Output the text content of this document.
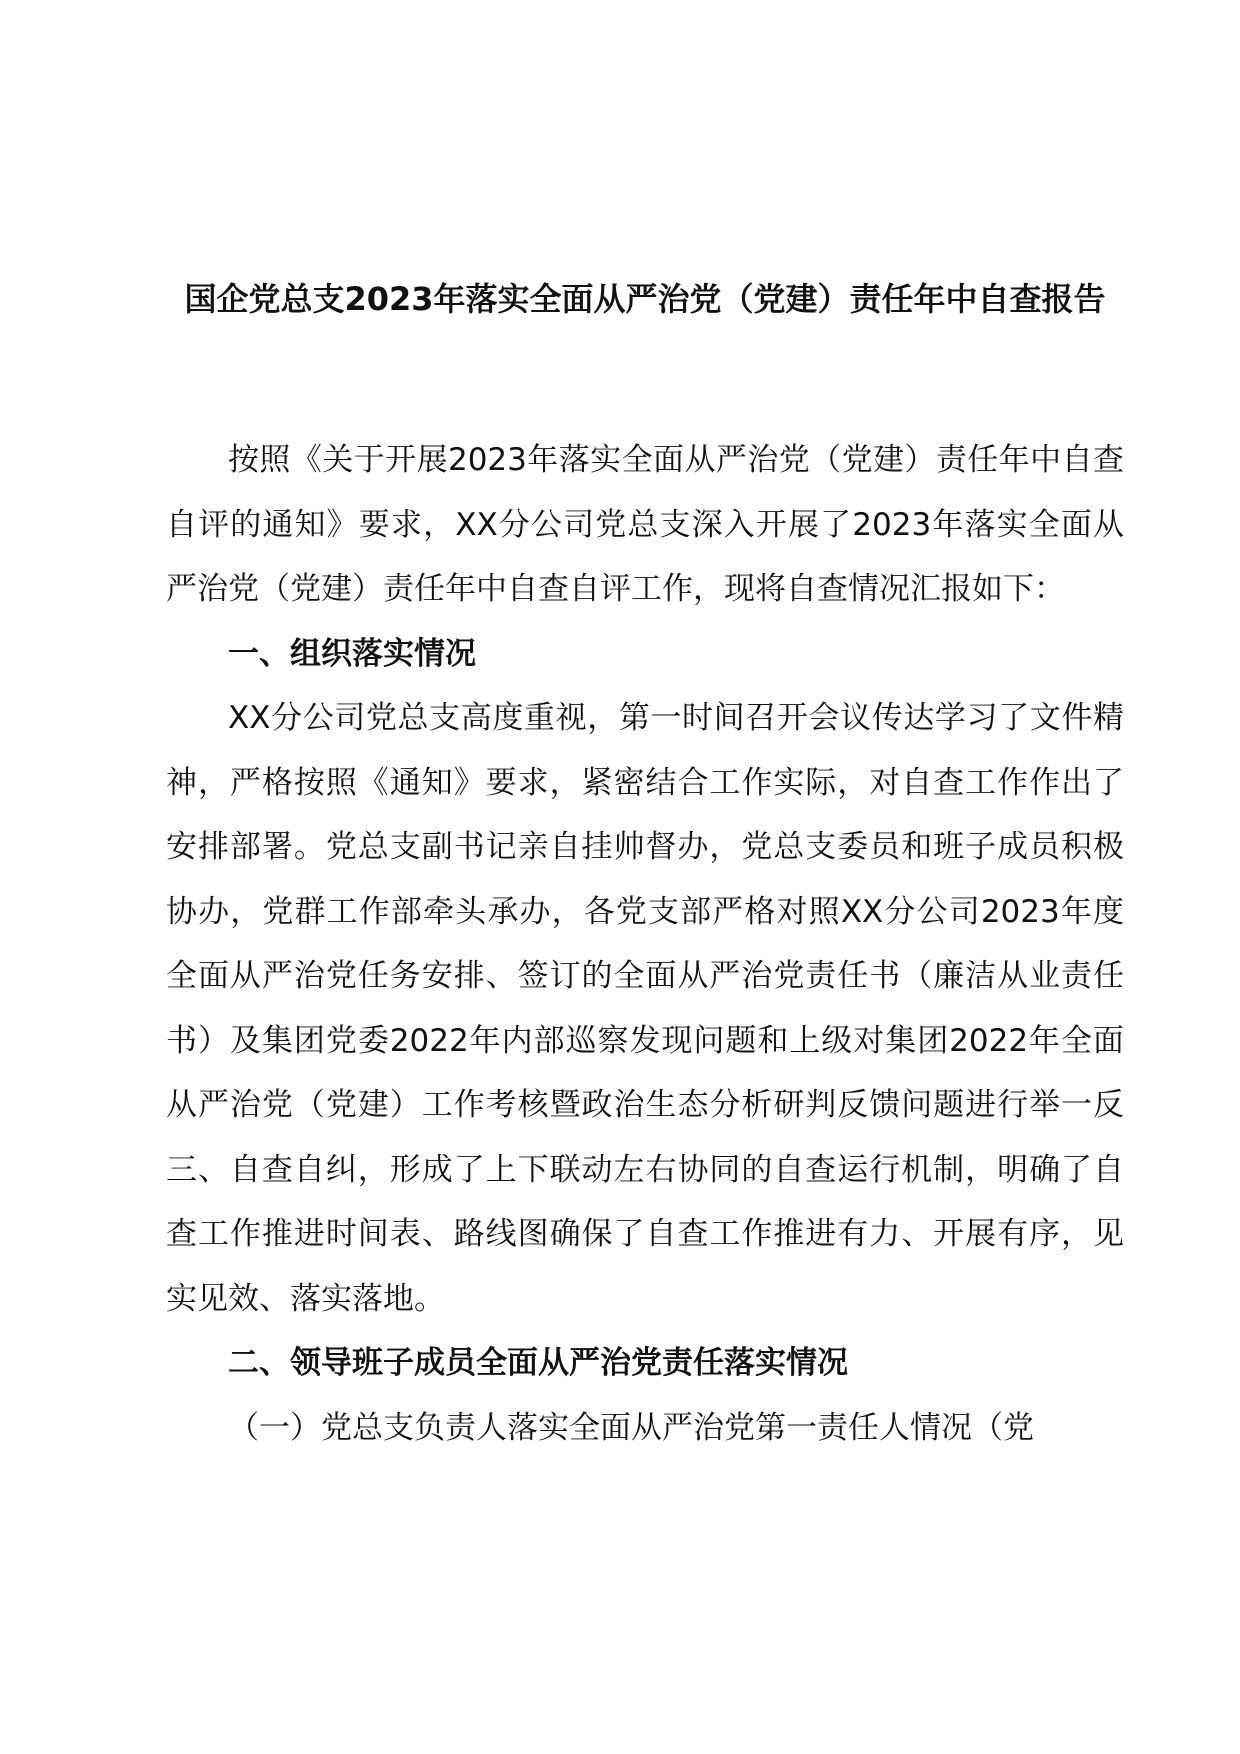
国企党总支2023年落实全面从严治党（党建）责任年中自查报告

按照《关于开展2023年落实全面从严治党（党建）责任年中自查自评的通知》要求，XX分公司党总支深入开展了2023年落实全面从严治党（党建）责任年中自查自评工作，现将自查情况汇报如下：

一、组织落实情况

XX分公司党总支高度重视，第一时间召开会议传达学习了文件精神，严格按照《通知》要求，紧密结合工作实际，对自查工作作出了安排部署。党总支副书记亲自挂帅督办，党总支委员和班子成员积极协办，党群工作部牵头承办，各党支部严格对照XX分公司2023年度全面从严治党任务安排、签订的全面从严治党责任书（廉洁从业责任书）及集团党委2022年内部巡察发现问题和上级对集团2022年全面从严治党（党建）工作考核暨政治生态分析研判反馈问题进行举一反三、自查自纠，形成了上下联动左右协同的自查运行机制，明确了自查工作推进时间表、路线图确保了自查工作推进有力、开展有序，见实见效、落实落地。

二、领导班子成员全面从严治党责任落实情况

（一）党总支负责人落实全面从严治党第一责任人情况（党
